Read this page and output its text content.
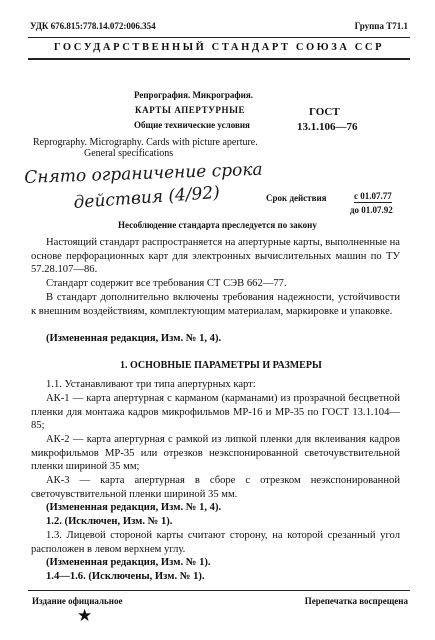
УДК 676.815:778.14.072:006.354	Группа Т71.1
ГОСУДАРСТВЕННЫЙ СТАНДАРТ СОЮЗА ССР
Репрография. Микрография.
КАРТЫ АПЕРТУРНЫЕ
Общие технические условия
Reprography. Micrography. Cards with picture aperture.
General specifications
ГОСТ
13.1.106—76
Снято ограничение срока
действия (4/92)	Срок действия	с 01.07.77
до 01.07.92
Несоблюдение стандарта преследуется по закону
Настоящий стандарт распространяется на апертурные карты, выполненные на основе перфорационных карт для электронных вычислительных машин по ТУ 57.28.107—86.
Стандарт содержит все требования СТ СЭВ 662—77.
В стандарт дополнительно включены требования надежности, устойчивости к внешним воздействиям, комплектующим материалам, маркировке и упаковке.
(Измененная редакция, Изм. № 1, 4).
1. ОСНОВНЫЕ ПАРАМЕТРЫ И РАЗМЕРЫ
1.1. Устанавливают три типа апертурных карт:
АК-1 — карта апертурная с карманом (карманами) из прозрачной бесцветной пленки для монтажа кадров микрофильмов МР-16 и МР-35 по ГОСТ 13.1.104—85;
АК-2 — карта апертурная с рамкой из липкой пленки для вклеивания кадров микрофильмов МР-35 или отрезков неэкспонированной светочувствительной пленки шириной 35 мм;
АК-3 — карта апертурная в сборе с отрезком неэкспонированной светочувствительной пленки шириной 35 мм.
(Измененная редакция, Изм. № 1, 4).
1.2. (Исключен, Изм. № 1).
1.3. Лицевой стороной карты считают сторону, на которой срезанный угол расположен в левом верхнем углу.
(Измененная редакция, Изм. № 1).
1.4—1.6. (Исключены, Изм. № 1).
Издание официальное	Перепечатка воспрещена
★
